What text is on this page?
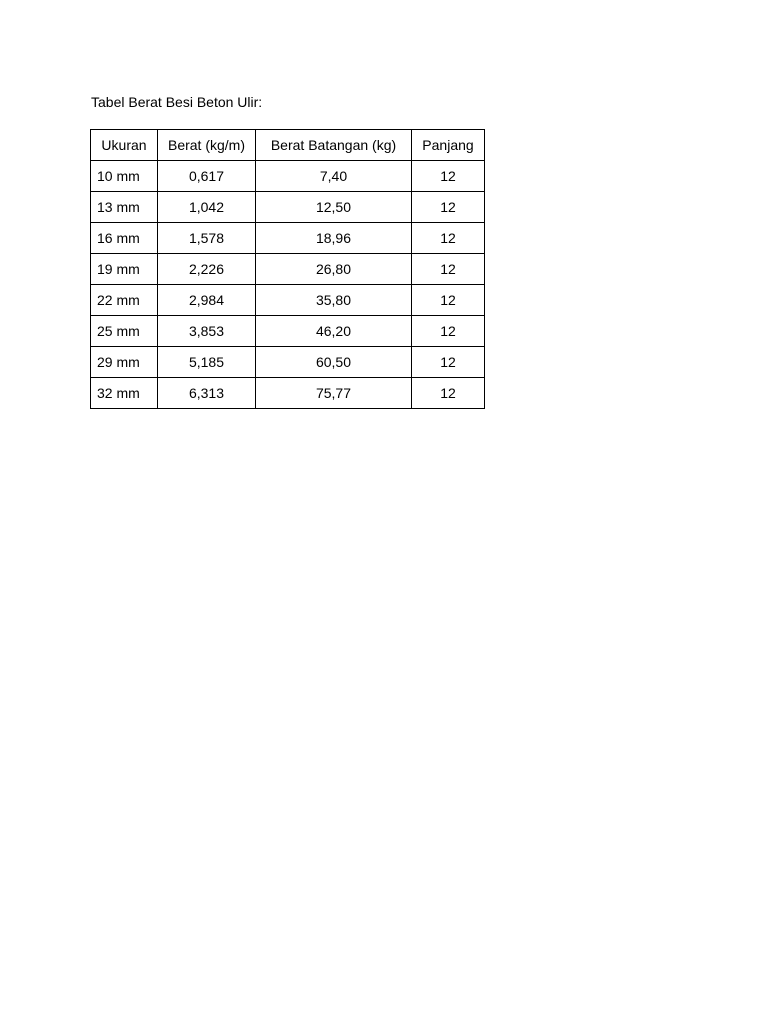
Tabel Berat Besi Beton Ulir:

Ukuran	Berat (kg/m)	Berat Batangan (kg)	Panjang
10 mm	0,617	7,40	12
13 mm	1,042	12,50	12
16 mm	1,578	18,96	12
19 mm	2,226	26,80	12
22 mm	2,984	35,80	12
25 mm	3,853	46,20	12
29 mm	5,185	60,50	12
32 mm	6,313	75,77	12
